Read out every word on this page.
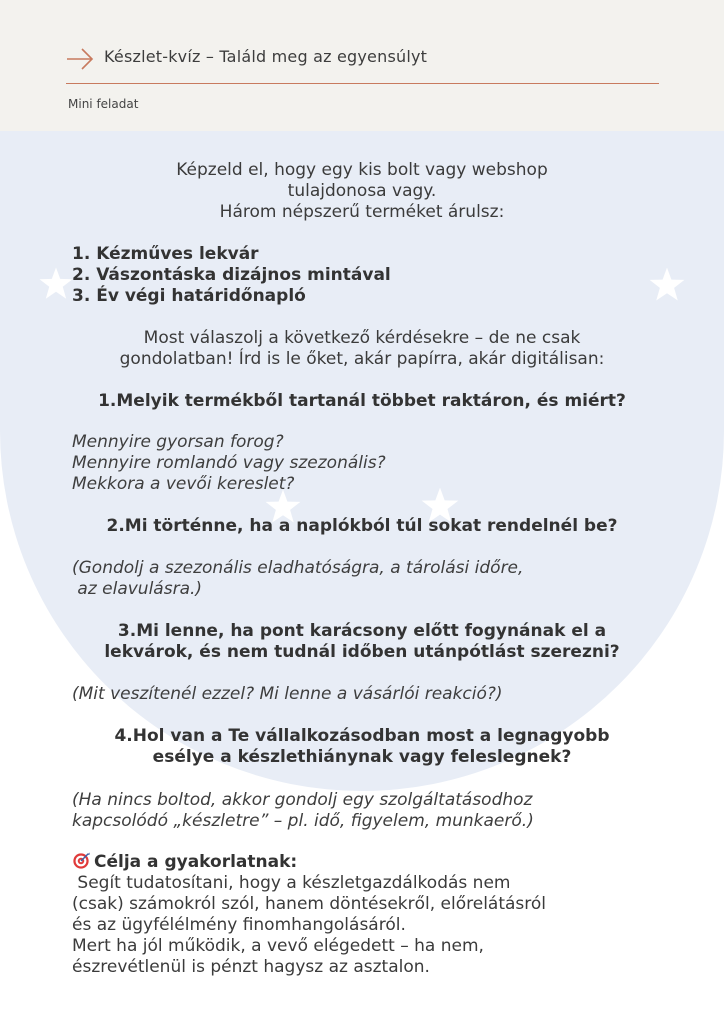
Készlet-kvíz – Találd meg az egyensúlyt
Mini feladat
Képzeld el, hogy egy kis bolt vagy webshop
tulajdonosa vagy.
Három népszerű terméket árulsz:
1. Kézműves lekvár
2. Vászontáska dizájnos mintával
3. Év végi határidőnapló
Most válaszolj a következő kérdésekre – de ne csak
gondolatban! Írd is le őket, akár papírra, akár digitálisan:
1.Melyik termékből tartanál többet raktáron, és miért?
Mennyire gyorsan forog?
Mennyire romlandó vagy szezonális?
Mekkora a vevői kereslet?
2.Mi történne, ha a naplókból túl sokat rendelnél be?
(Gondolj a szezonális eladhatóságra, a tárolási időre,
az elavulásra.)
3.Mi lenne, ha pont karácsony előtt fogynának el a
lekvárok, és nem tudnál időben utánpótlást szerezni?
(Mit veszítenél ezzel? Mi lenne a vásárlói reakció?)
4.Hol van a Te vállalkozásodban most a legnagyobb
esélye a készlethiánynak vagy feleslegnek?
(Ha nincs boltod, akkor gondolj egy szolgáltatásodhoz
kapcsolódó „készletre” – pl. idő, figyelem, munkaerő.)
Célja a gyakorlatnak:
Segít tudatosítani, hogy a készletgazdálkodás nem
(csak) számokról szól, hanem döntésekről, előrelátásról
és az ügyfélélmény finomhangolásáról.
Mert ha jól működik, a vevő elégedett – ha nem,
észrevétlenül is pénzt hagysz az asztalon.
